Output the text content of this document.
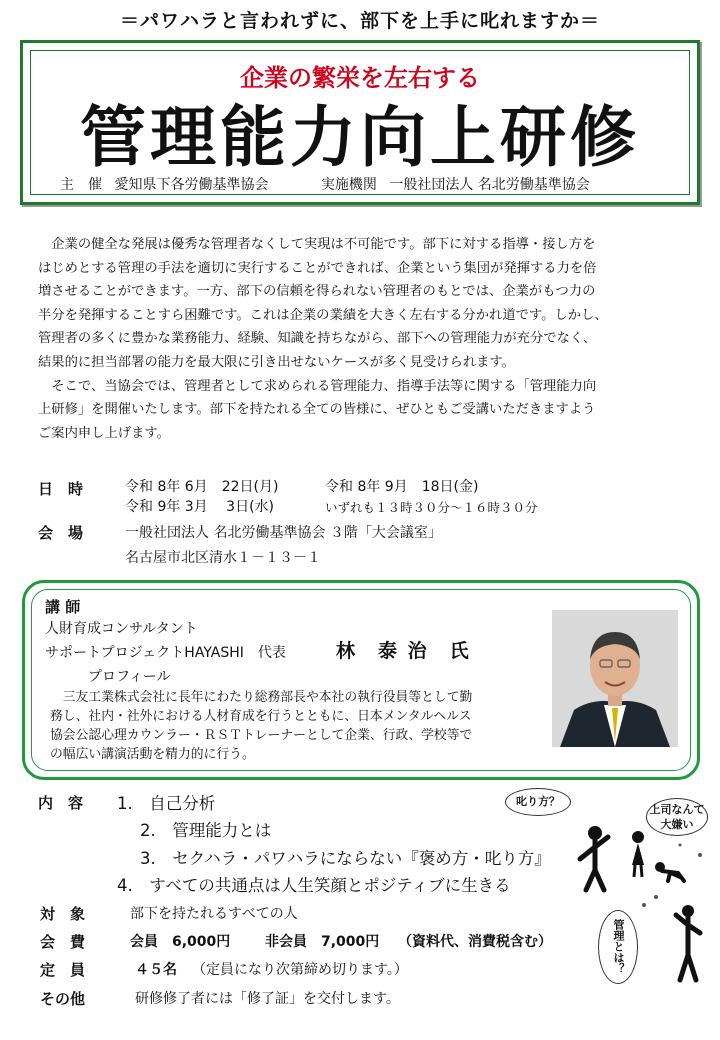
＝パワハラと言われずに、部下を上手に叱れますか＝
企業の繁栄を左右する
管理能力向上研修
主　催 愛知県下各労働基準協会	実施機関 一般社団法人 名北労働基準協会

　企業の健全な発展は優秀な管理者なくして実現は不可能です。部下に対する指導・接し方を

はじめとする管理の手法を適切に実行することができれば、企業という集団が発揮する力を倍

増させることができます。一方、部下の信頼を得られない管理者のもとでは、企業がもつ力の

半分を発揮することすら困難です。これは企業の業績を大きく左右する分かれ道です。しかし、

管理者の多くに豊かな業務能力、経験、知識を持ちながら、部下への管理能力が充分でなく、

結果的に担当部署の能力を最大限に引き出せないケースが多く見受けられます。

　そこで、当協会では、管理者として求められる管理能力、指導手法等に関する「管理能力向

上研修」を開催いたします。部下を持たれる全ての皆様に、ぜひともご受講いただきますよう

ご案内申し上げます。

日　時	令和 8年 6月　22日(月)	令和 8年 9月　18日(金)
令和 9年 3月　 3日(水)	いずれも１３時３０分～１６時３０分
会　場	一般社団法人 名北労働基準協会 ３階「大会議室」
名古屋市北区清水１－１３－１
講 師
人財育成コンサルタント
サポートプロジェクトHAYASHI　代表	林　泰 治　氏
プロフィール
三友工業株式会社に長年にわたり総務部長や本社の執行役員等として勤
務し、社内・社外における人材育成を行うとともに、日本メンタルヘルス
協会公認心理カウンラー・ＲＳＴトレーナーとして企業、行政、学校等で
の幅広い講演活動を精力的に行う。
内　容 1.　自己分析
2.　管理能力とは
3.　セクハラ・パワハラにならない『褒め方・叱り方』
4.　すべての共通点は人生笑顔とポジティブに生きる
対　象	部下を持たれるすべての人
会　費	会員　6,000円 非会員　7,000円 （資料代、消費税含む）
定　員	４５名 （定員になり次第締め切ります。）
その他	研修修了者には「修了証」を交付します。
叱り方？
上司なんて
大嫌い
管理とは？
